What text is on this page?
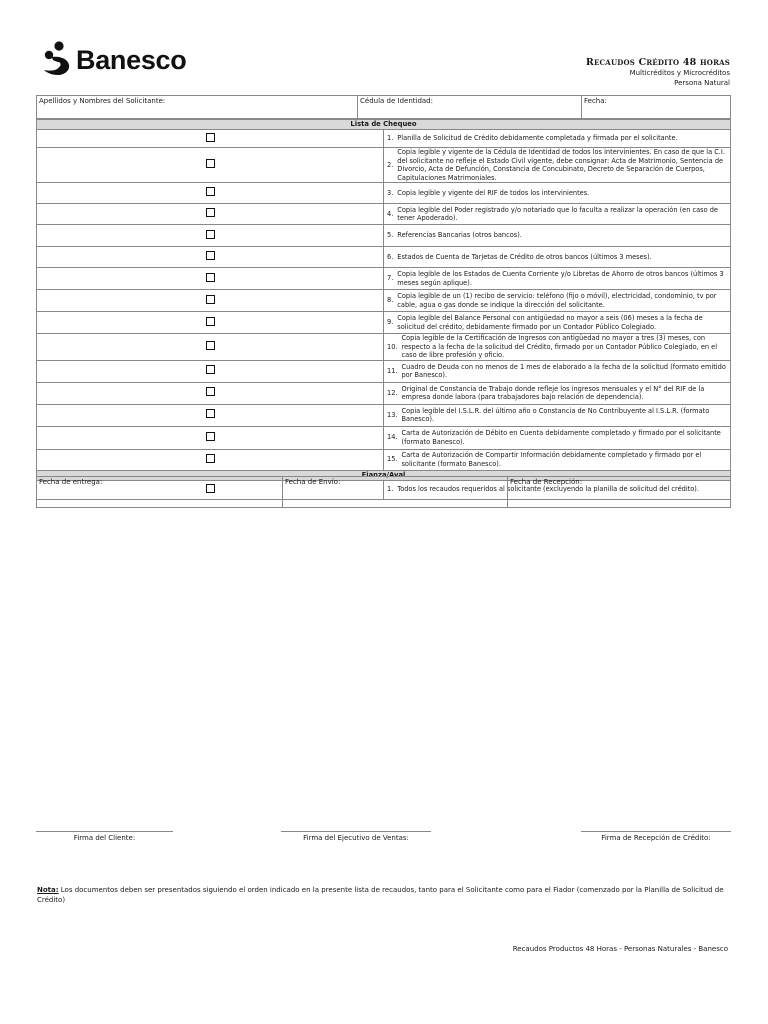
Banesco	Recaudos Crédito 48 horas
Multicréditos y Microcréditos
Persona Natural
Apellidos y Nombres del Solicitante:	Cédula de Identidad:	Fecha:
Lista de Chequeo	

	1. Planilla de Solicitud de Crédito debidamente completada y firmada por el solicitante.

	2.
Copia legible y vigente de la Cédula de Identidad de todos los intervinientes. En caso de que la C.I. del solicitante no refleje el Estado Civil vigente, debe consignar: Acta de Matrimonio, Sentencia de Divorcio, Acta de Defunción, Constancia de Concubinato, Decreto de Separación de Cuerpos, Capitulaciones Matrimoniales.

	3. Copia legible y vigente del RIF de todos los intervinientes.

	4.
Copia legible del Poder registrado y/o notariado que lo faculta a realizar la operación (en caso de tener Apoderado).

	5. Referencias Bancarias (otros bancos).

	6. Estados de Cuenta de Tarjetas de Crédito de otros bancos (últimos 3 meses).

	7.
Copia legible de los Estados de Cuenta Corriente y/o Libretas de Ahorro de otros bancos (últimos 3 meses según aplique).

	8.
Copia legible de un (1) recibo de servicio: teléfono (fijo o móvil), electricidad, condominio, tv por cable, agua o gas donde se indique la dirección del solicitante.

	9.
Copia legible del Balance Personal con antigüedad no mayor a seis (06) meses a la fecha de solicitud del crédito, debidamente firmado por un Contador Público Colegiado.

	10.
Copia legible de la Certificación de Ingresos con antigüedad no mayor a tres (3) meses, con respecto a la fecha de la solicitud del Crédito, firmado por un Contador Público Colegiado, en el caso de libre profesión y oficio.

	11.
Cuadro de Deuda con no menos de 1 mes de elaborado a la fecha de la solicitud (formato emitido por Banesco).

	12.
Original de Constancia de Trabajo donde refleje los ingresos mensuales y el N° del RIF de la empresa donde labora (para trabajadores bajo relación de dependencia).

	13.
Copia legible del I.S.L.R. del último año o Constancia de No Contribuyente al I.S.L.R. (formato Banesco).

	14.
Carta de Autorización de Débito en Cuenta debidamente completado y firmado por el solicitante (formato Banesco).

	15.
Carta de Autorización de Compartir Información debidamente completado y firmado por el solicitante (formato Banesco).

Fianza/Aval	

	1. Todos los recaudos requeridos al solicitante (excluyendo la planilla de solicitud del crédito).
Fecha de entrega:	Fecha de Envío:	Fecha de Recepción:
Firma del Cliente:	Firma del Ejecutivo de Ventas:	Firma de Recepción de Crédito:
Nota: Los documentos deben ser presentados siguiendo el orden indicado en la presente lista de recaudos, tanto para el Solicitante como para el Fiador (comenzado por la Planilla de Solicitud de Crédito)
Recaudos Productos 48 Horas - Personas Naturales - Banesco
